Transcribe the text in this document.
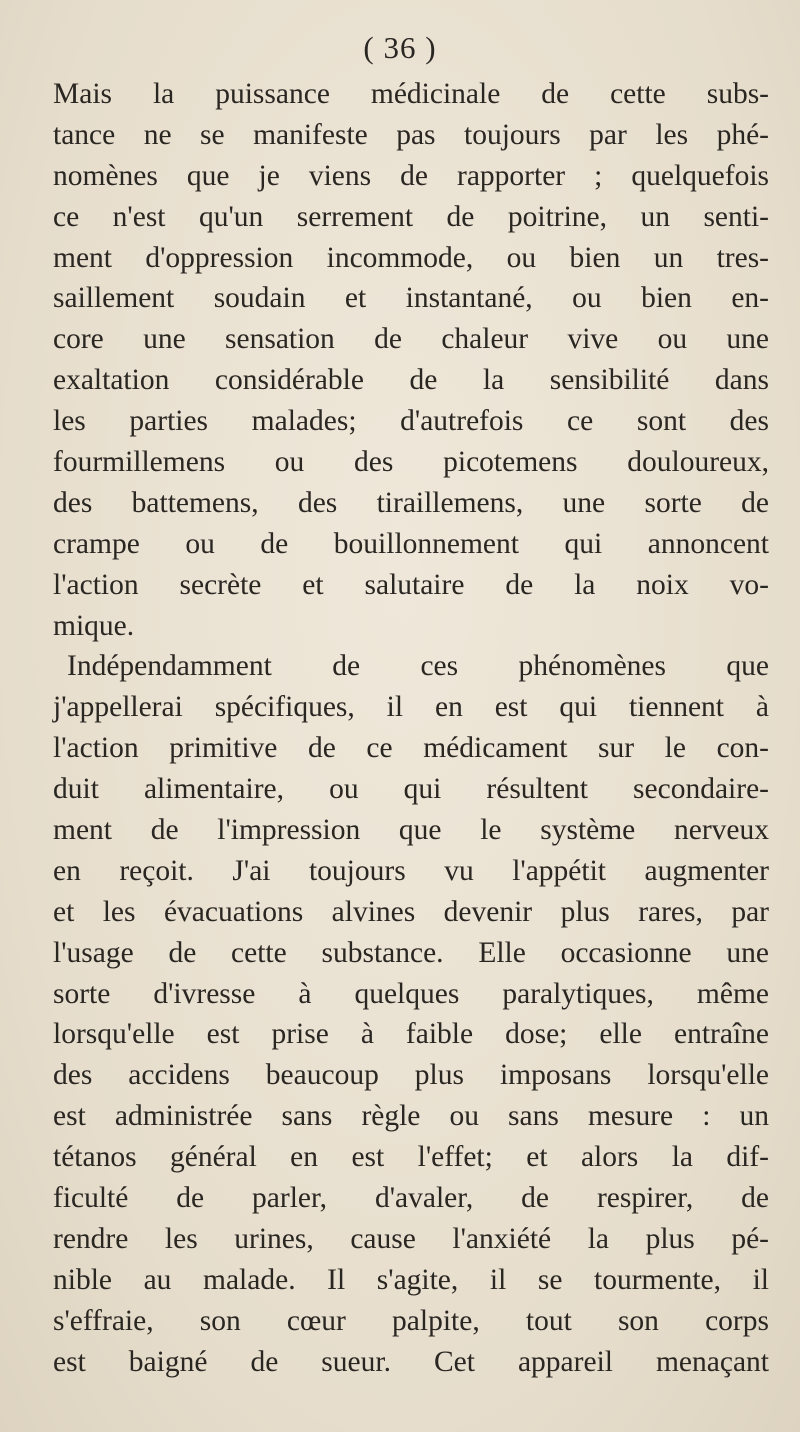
( 36 )
Mais la puissance médicinale de cette subs-
tance ne se manifeste pas toujours par les phé-
nomènes que je viens de rapporter ; quelquefois
ce n'est qu'un serrement de poitrine, un senti-
ment d'oppression incommode, ou bien un tres-
saillement soudain et instantané, ou bien en-
core une sensation de chaleur vive ou une
exaltation considérable de la sensibilité dans
les parties malades; d'autrefois ce sont des
fourmillemens ou des picotemens douloureux,
des battemens, des tiraillemens, une sorte de
crampe ou de bouillonnement qui annoncent
l'action secrète et salutaire de la noix vo-
mique.
Indépendamment de ces phénomènes que
j'appellerai spécifiques, il en est qui tiennent à
l'action primitive de ce médicament sur le con-
duit alimentaire, ou qui résultent secondaire-
ment de l'impression que le système nerveux
en reçoit. J'ai toujours vu l'appétit augmenter
et les évacuations alvines devenir plus rares, par
l'usage de cette substance. Elle occasionne une
sorte d'ivresse à quelques paralytiques, même
lorsqu'elle est prise à faible dose; elle entraîne
des accidens beaucoup plus imposans lorsqu'elle
est administrée sans règle ou sans mesure : un
tétanos général en est l'effet; et alors la dif-
ficulté de parler, d'avaler, de respirer, de
rendre les urines, cause l'anxiété la plus pé-
nible au malade. Il s'agite, il se tourmente, il
s'effraie, son cœur palpite, tout son corps
est baigné de sueur. Cet appareil menaçant
